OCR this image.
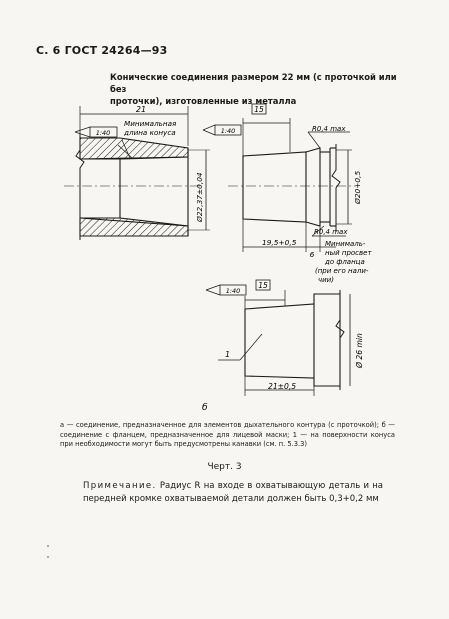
С. 6 ГОСТ 24264—93
Конические соединения размером 22 мм (с проточкой или без
проточки), изготовленные из металла
21
1:40
Минимальная
длина конуса
Ø22,37±0,04
15
1:40	R0,4 max
R0,4 max
Ø20+0,5
19,5+0,5
6
Минималь-
ный просвет
до фланца
(при его нали-
чии)
1:40
15
Ø 26 min
21±0,5
1
б

а — соединение, предназначенное для элементов дыхательного контура (с проточкой); б — соединение с фланцем, предназначенное для лицевой маски; 1 — на поверхности конуса при необходимости могут быть предусмотрены канавки (см. п. 5.3.3)

Черт. 3
Примечание. Радиус R на входе в охватывающую деталь и на передней кромке охватываемой детали должен быть 0,3+0,2 мм
